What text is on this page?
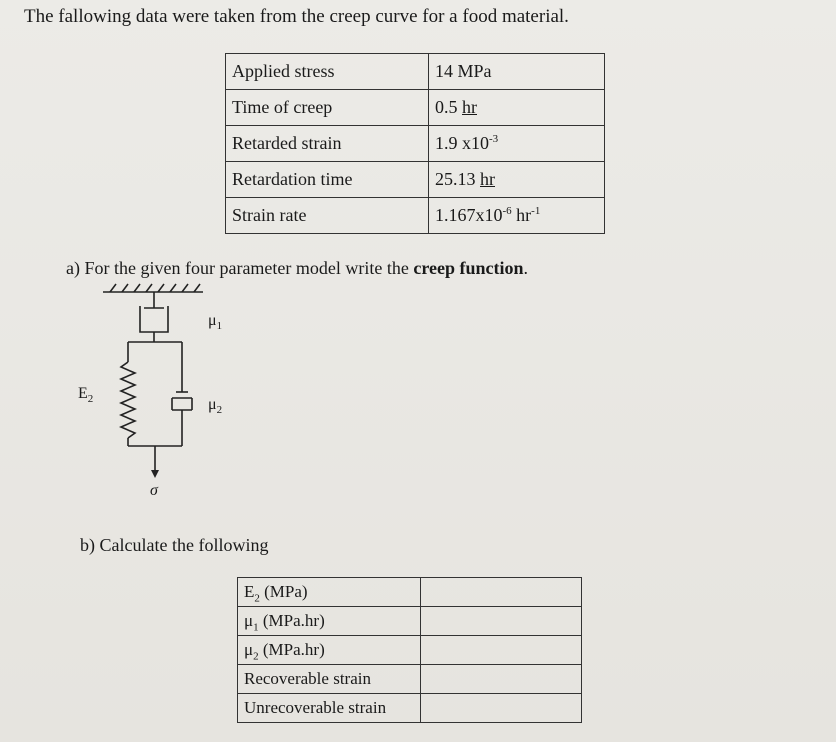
The fallowing data were taken from the creep curve for a food material.
Applied stress	14 MPa
Time of creep	0.5 hr
Retarded strain	1.9 $x10^{-3}$
Retardation time	25.13 hr
Strain rate	$1.167x10^{-6}$ $hr^{-1}$
a) For the given four parameter model write the creep function.
$\mu_1$
$\mu_2$
$E_2$
σ
b) Calculate the following
$E_2$ (MPa)	
$\mu_1$ (MPa.hr)	
$\mu_2$ (MPa.hr)	
Recoverable strain	
Unrecoverable strain	
